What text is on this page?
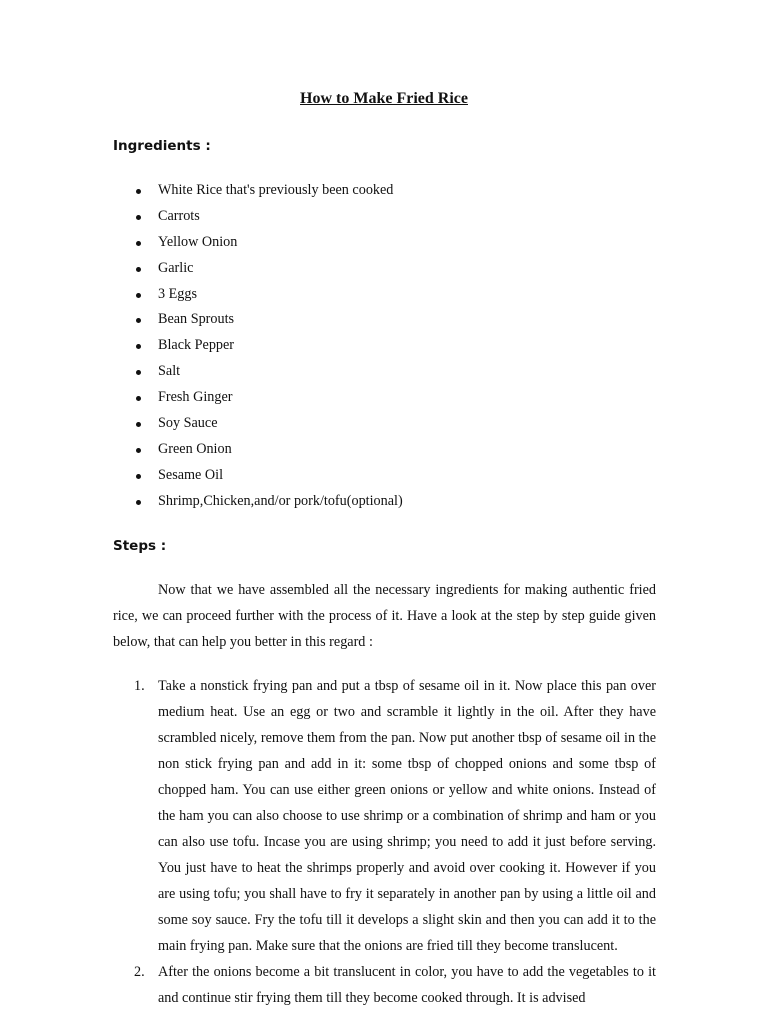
How to Make Fried Rice
Ingredients :
White Rice that's previously been cooked
Carrots
Yellow Onion
Garlic
3 Eggs
Bean Sprouts
Black Pepper
Salt
Fresh Ginger
Soy Sauce
Green Onion
Sesame Oil
Shrimp,Chicken,and/or pork/tofu(optional)
Steps :

Now that we have assembled all the necessary ingredients for making authentic fried rice, we can proceed further with the process of it. Have a look at the step by step guide given below, that can help you better in this regard :

1. Take a nonstick frying pan and put a tbsp of sesame oil in it. Now place this pan over medium heat. Use an egg or two and scramble it lightly in the oil. After they have scrambled nicely, remove them from the pan. Now put another tbsp of sesame oil in the non stick frying pan and add in it: some tbsp of chopped onions and some tbsp of chopped ham. You can use either green onions or yellow and white onions. Instead of the ham you can also choose to use shrimp or a combination of shrimp and ham or you can also use tofu. Incase you are using shrimp; you need to add it just before serving. You just have to heat the shrimps properly and avoid over cooking it. However if you are using tofu; you shall have to fry it separately in another pan by using a little oil and some soy sauce. Fry the tofu till it develops a slight skin and then you can add it to the main frying pan. Make sure that the onions are fried till they become translucent.
2. After the onions become a bit translucent in color, you have to add the vegetables to it and continue stir frying them till they become cooked through. It is advised
